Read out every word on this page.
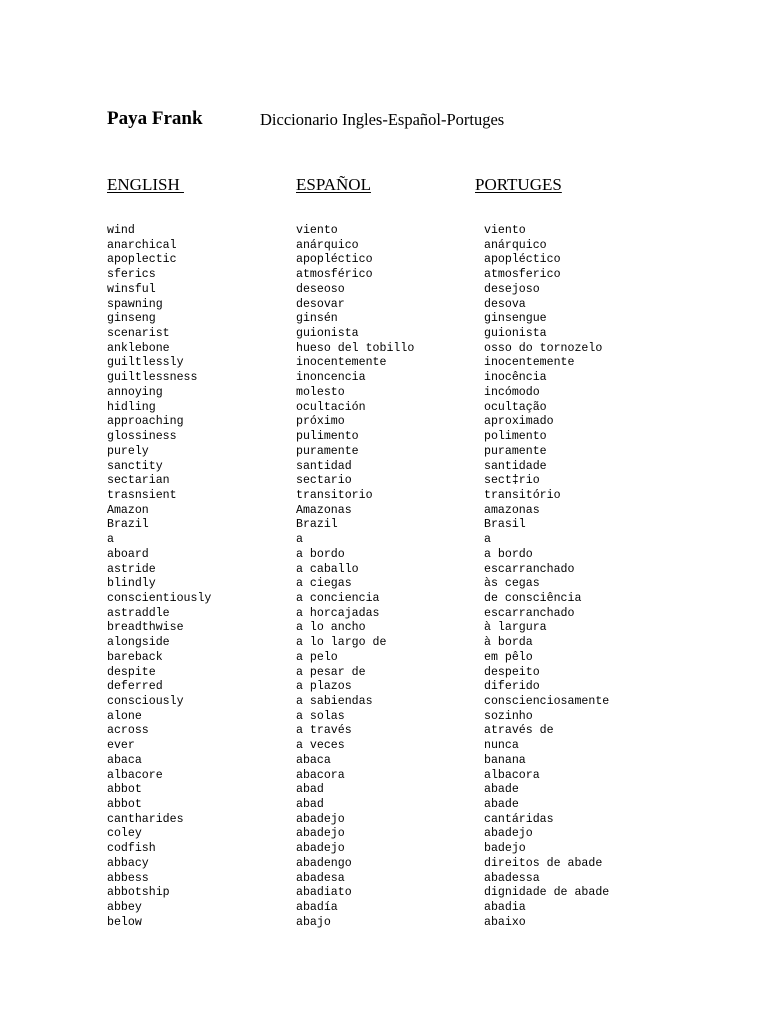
Paya Frank	Diccionario Ingles-Español-Portuges
ENGLISH	ESPAÑOL	PORTUGES
wind	viento	viento
anarchical	anárquico	anárquico
apoplectic	apopléctico	apopléctico
sferics	atmosférico	atmosferico
winsful	deseoso	desejoso
spawning	desovar	desova
ginseng	ginsén	ginsengue
scenarist	guionista	guionista
anklebone	hueso del tobillo	osso do tornozelo
guiltlessly	inocentemente	inocentemente
guiltlessness	inoncencia	inocência
annoying	molesto	incómodo
hidling	ocultación	ocultação
approaching	próximo	aproximado
glossiness	pulimento	polimento
purely	puramente	puramente
sanctity	santidad	santidade
sectarian	sectario	sect‡rio
trasnsient	transitorio	transitório
Amazon	Amazonas	amazonas
Brazil	Brazil	Brasil
a	a	a
aboard	a bordo	a bordo
astride	a caballo	escarranchado
blindly	a ciegas	às cegas
conscientiously	a conciencia	de consciência
astraddle	a horcajadas	escarranchado
breadthwise	a lo ancho	à largura
alongside	a lo largo de	à borda
bareback	a pelo	em pêlo
despite	a pesar de	despeito
deferred	a plazos	diferido
consciously	a sabiendas	conscienciosamente
alone	a solas	sozinho
across	a través	através de
ever	a veces	nunca
abaca	abaca	banana
albacore	abacora	albacora
abbot	abad	abade
abbot	abad	abade
cantharides	abadejo	cantáridas
coley	abadejo	abadejo
codfish	abadejo	badejo
abbacy	abadengo	direitos de abade
abbess	abadesa	abadessa
abbotship	abadiato	dignidade de abade
abbey	abadía	abadia
below	abajo	abaixo
